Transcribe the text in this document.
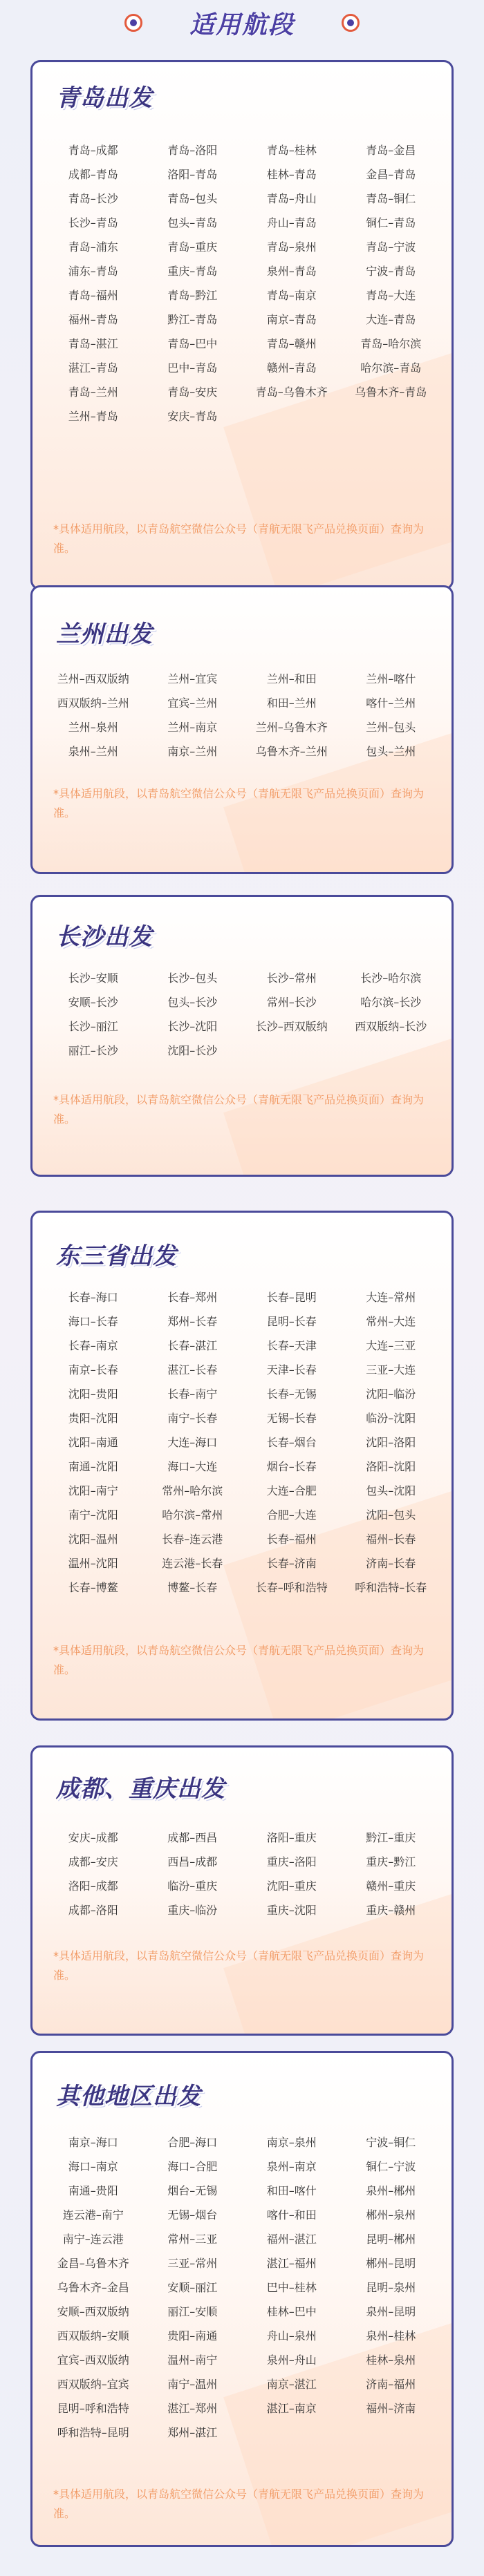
适用航段
青岛出发
青岛–成都	青岛–洛阳	青岛–桂林	青岛–金昌
成都–青岛	洛阳–青岛	桂林–青岛	金昌–青岛
青岛–长沙	青岛–包头	青岛–舟山	青岛–铜仁
长沙–青岛	包头–青岛	舟山–青岛	铜仁–青岛
青岛–浦东	青岛–重庆	青岛–泉州	青岛–宁波
浦东–青岛	重庆–青岛	泉州–青岛	宁波–青岛
青岛–福州	青岛–黔江	青岛–南京	青岛–大连
福州–青岛	黔江–青岛	南京–青岛	大连–青岛
青岛–湛江	青岛–巴中	青岛–赣州	青岛–哈尔滨
湛江–青岛	巴中–青岛	赣州–青岛	哈尔滨–青岛
青岛–兰州	青岛–安庆	青岛–乌鲁木齐	乌鲁木齐–青岛
兰州–青岛	安庆–青岛
*具体适用航段，以青岛航空微信公众号（青航无限飞产品兑换页面）查询为准。
兰州出发
兰州–西双版纳	兰州–宜宾	兰州–和田	兰州–喀什
西双版纳–兰州	宜宾–兰州	和田–兰州	喀什–兰州
兰州–泉州	兰州–南京	兰州–乌鲁木齐	兰州–包头
泉州–兰州	南京–兰州	乌鲁木齐–兰州	包头–兰州
*具体适用航段，以青岛航空微信公众号（青航无限飞产品兑换页面）查询为准。
长沙出发
长沙–安顺	长沙–包头	长沙–常州	长沙–哈尔滨
安顺–长沙	包头–长沙	常州–长沙	哈尔滨–长沙
长沙–丽江	长沙–沈阳	长沙–西双版纳	西双版纳–长沙
丽江–长沙	沈阳–长沙
*具体适用航段，以青岛航空微信公众号（青航无限飞产品兑换页面）查询为准。
东三省出发
长春–海口	长春–郑州	长春–昆明	大连–常州
海口–长春	郑州–长春	昆明–长春	常州–大连
长春–南京	长春–湛江	长春–天津	大连–三亚
南京–长春	湛江–长春	天津–长春	三亚–大连
沈阳–贵阳	长春–南宁	长春–无锡	沈阳–临汾
贵阳–沈阳	南宁–长春	无锡–长春	临汾–沈阳
沈阳–南通	大连–海口	长春–烟台	沈阳–洛阳
南通–沈阳	海口–大连	烟台–长春	洛阳–沈阳
沈阳–南宁	常州–哈尔滨	大连–合肥	包头–沈阳
南宁–沈阳	哈尔滨–常州	合肥–大连	沈阳–包头
沈阳–温州	长春–连云港	长春–福州	福州–长春
温州–沈阳	连云港–长春	长春–济南	济南–长春
长春–博鳌	博鳌–长春	长春–呼和浩特	呼和浩特–长春
*具体适用航段，以青岛航空微信公众号（青航无限飞产品兑换页面）查询为准。
成都、重庆出发
安庆–成都	成都–西昌	洛阳–重庆	黔江–重庆
成都–安庆	西昌–成都	重庆–洛阳	重庆–黔江
洛阳–成都	临汾–重庆	沈阳–重庆	赣州–重庆
成都–洛阳	重庆–临汾	重庆–沈阳	重庆–赣州
*具体适用航段，以青岛航空微信公众号（青航无限飞产品兑换页面）查询为准。
其他地区出发
南京–海口	合肥–海口	南京–泉州	宁波–铜仁
海口–南京	海口–合肥	泉州–南京	铜仁–宁波
南通–贵阳	烟台–无锡	和田–喀什	泉州–郴州
连云港–南宁	无锡–烟台	喀什–和田	郴州–泉州
南宁–连云港	常州–三亚	福州–湛江	昆明–郴州
金昌–乌鲁木齐	三亚–常州	湛江–福州	郴州–昆明
乌鲁木齐–金昌	安顺–丽江	巴中–桂林	昆明–泉州
安顺–西双版纳	丽江–安顺	桂林–巴中	泉州–昆明
西双版纳–安顺	贵阳–南通	舟山–泉州	泉州–桂林
宜宾–西双版纳	温州–南宁	泉州–舟山	桂林–泉州
西双版纳–宜宾	南宁–温州	南京–湛江	济南–福州
昆明–呼和浩特	湛江–郑州	湛江–南京	福州–济南
呼和浩特–昆明	郑州–湛江
*具体适用航段，以青岛航空微信公众号（青航无限飞产品兑换页面）查询为准。
